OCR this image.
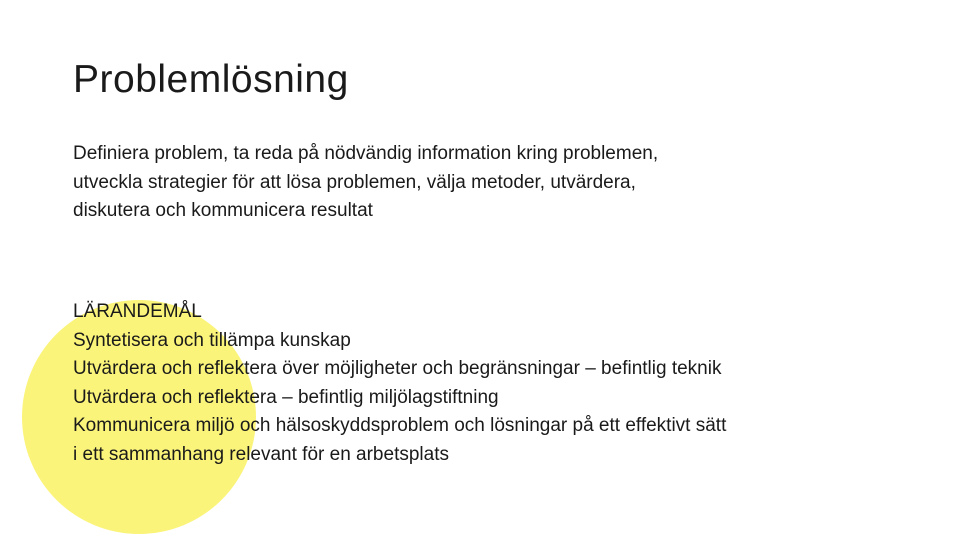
Problemlösning
Definiera problem, ta reda på nödvändig information kring problemen,
utveckla strategier för att lösa problemen, välja metoder, utvärdera,
diskutera och kommunicera resultat
LÄRANDEMÅL
Syntetisera och tillämpa kunskap
Utvärdera och reflektera över möjligheter och begränsningar – befintlig teknik
Utvärdera och reflektera – befintlig miljölagstiftning
Kommunicera miljö och hälsoskyddsproblem och lösningar på ett effektivt sätt
i ett sammanhang relevant för en arbetsplats
